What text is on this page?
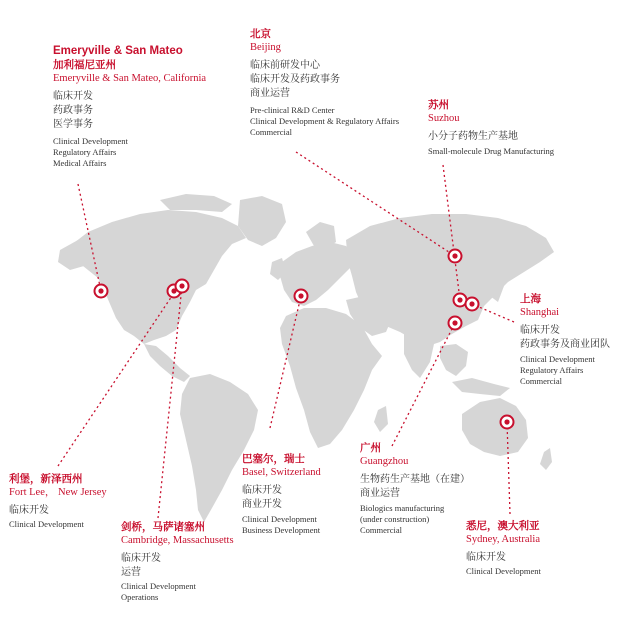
Emeryville & San Mateo
加利福尼亚州
Emeryville & San Mateo, California
临床开发
药政事务
医学事务
Clinical Development
Regulatory Affairs
Medical Affairs
北京
Beijing
临床前研发中心
临床开发及药政事务
商业运营
Pre-clinical R&D Center
Clinical Development & Regulatory Affairs
Commercial
苏州
Suzhou
小分子药物生产基地
Small-molecule Drug Manufacturing
上海
Shanghai
临床开发
药政事务及商业团队
Clinical Development
Regulatory Affairs
Commercial
利堡，新泽西州
Fort Lee， New Jersey
临床开发
Clinical Development	剑桥，马萨诸塞州
Cambridge, Massachusetts
临床开发
运营
Clinical Development
Operations
巴塞尔，瑞士
Basel, Switzerland
临床开发
商业开发
Clinical Development
Business Development
广州
Guangzhou
生物药生产基地（在建）
商业运营
Biologics manufacturing
(under construction)
Commercial	悉尼，澳大利亚
Sydney, Australia
临床开发
Clinical Development
